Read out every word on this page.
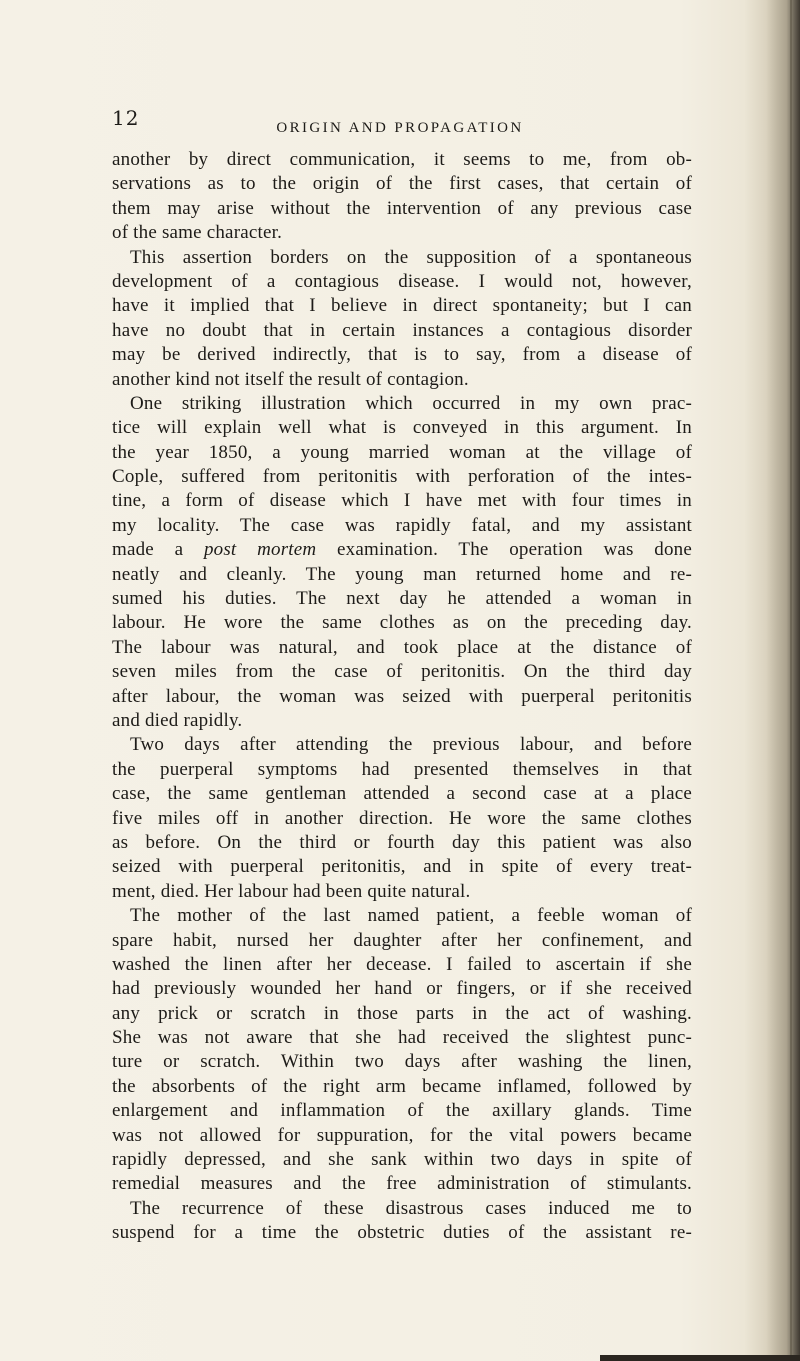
12	ORIGIN AND PROPAGATION
another by direct communication, it seems to me, from ob-
servations as to the origin of the first cases, that certain of
them may arise without the intervention of any previous case
of the same character.
This assertion borders on the supposition of a spontaneous
development of a contagious disease. I would not, however,
have it implied that I believe in direct spontaneity; but I can
have no doubt that in certain instances a contagious disorder
may be derived indirectly, that is to say, from a disease of
another kind not itself the result of contagion.
One striking illustration which occurred in my own prac-
tice will explain well what is conveyed in this argument. In
the year 1850, a young married woman at the village of
Cople, suffered from peritonitis with perforation of the intes-
tine, a form of disease which I have met with four times in
my locality. The case was rapidly fatal, and my assistant
made a post mortem examination. The operation was done
neatly and cleanly. The young man returned home and re-
sumed his duties. The next day he attended a woman in
labour. He wore the same clothes as on the preceding day.
The labour was natural, and took place at the distance of
seven miles from the case of peritonitis. On the third day
after labour, the woman was seized with puerperal peritonitis
and died rapidly.
Two days after attending the previous labour, and before
the puerperal symptoms had presented themselves in that
case, the same gentleman attended a second case at a place
five miles off in another direction. He wore the same clothes
as before. On the third or fourth day this patient was also
seized with puerperal peritonitis, and in spite of every treat-
ment, died. Her labour had been quite natural.
The mother of the last named patient, a feeble woman of
spare habit, nursed her daughter after her confinement, and
washed the linen after her decease. I failed to ascertain if she
had previously wounded her hand or fingers, or if she received
any prick or scratch in those parts in the act of washing.
She was not aware that she had received the slightest punc-
ture or scratch. Within two days after washing the linen,
the absorbents of the right arm became inflamed, followed by
enlargement and inflammation of the axillary glands. Time
was not allowed for suppuration, for the vital powers became
rapidly depressed, and she sank within two days in spite of
remedial measures and the free administration of stimulants.
The recurrence of these disastrous cases induced me to
suspend for a time the obstetric duties of the assistant re-
